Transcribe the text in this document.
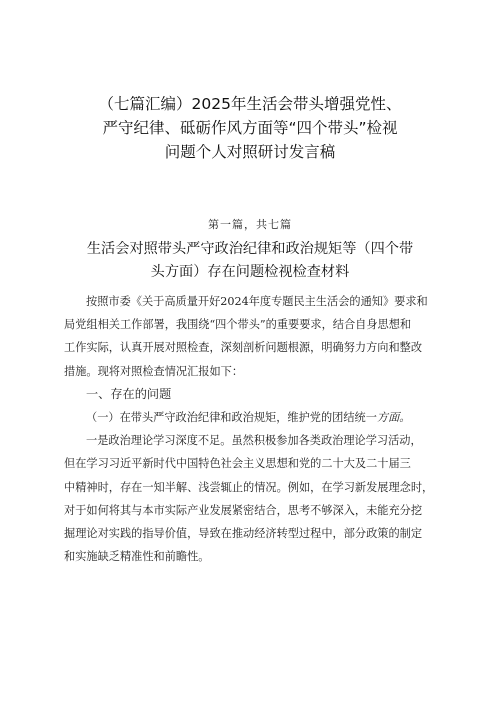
（七篇汇编）2025年生活会带头增强党性、
严守纪律、砥砺作风方面等“四个带头”检视
问题个人对照研讨发言稿
第一篇，共七篇
生活会对照带头严守政治纪律和政治规矩等（四个带
头方面）存在问题检视检查材料
按照市委《关于高质量开好2024年度专题民主生活会的通知》要求和
局党组相关工作部署，我围绕“四个带头”的重要要求，结合自身思想和
工作实际，认真开展对照检查，深刻剖析问题根源，明确努力方向和整改
措施。现将对照检查情况汇报如下：
一、存在的问题
（一）在带头严守政治纪律和政治规矩，维护党的团结统一方面。
一是政治理论学习深度不足。虽然积极参加各类政治理论学习活动，
但在学习习近平新时代中国特色社会主义思想和党的二十大及二十届三
中精神时，存在一知半解、浅尝辄止的情况。例如，在学习新发展理念时，
对于如何将其与本市实际产业发展紧密结合，思考不够深入，未能充分挖
掘理论对实践的指导价值，导致在推动经济转型过程中，部分政策的制定
和实施缺乏精准性和前瞻性。
